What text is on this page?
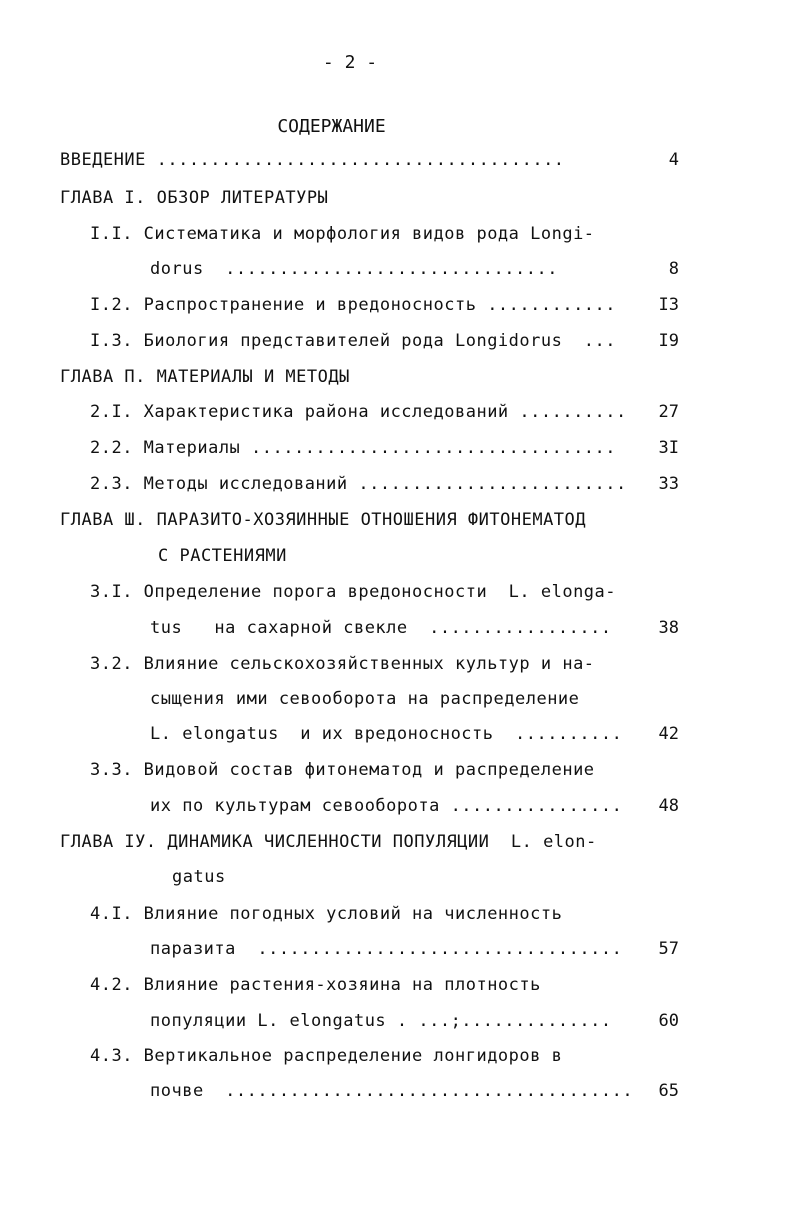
- 2 -
СОДЕРЖАНИЕ
ВВЕДЕНИЕ ......................................	4
ГЛАВА I. ОБЗОР ЛИТЕРАТУРЫ
I.I. Систематика и морфология видов рода Longi-
dorus  ...............................	8
I.2. Распространение и вредоносность ............	I3
I.3. Биология представителей рода Longidorus  ...	I9
ГЛАВА П. МАТЕРИАЛЫ И МЕТОДЫ
2.I. Характеристика района исследований .......... 27
2.2. Материалы ..................................	3I
2.3. Методы исследований ......................... 33
ГЛАВА Ш. ПАРАЗИТО-ХОЗЯИННЫЕ ОТНОШЕНИЯ ФИТОНЕМАТОД
С РАСТЕНИЯМИ
3.I. Определение порога вредоносности  L. elonga-
tus   на сахарной свекле  .................	38
3.2. Влияние сельскохозяйственных культур и на-
сыщения ими севооборота на распределение
L. elongatus  и их вредоносность  .......... 42
3.3. Видовой состав фитонематод и распределение
их по культурам севооборота ................ 48
ГЛАВА IУ. ДИНАМИКА ЧИСЛЕННОСТИ ПОПУЛЯЦИИ  L. elon-
gatus
4.I. Влияние погодных условий на численность
паразита  .................................. 57
4.2. Влияние растения-хозяина на плотность
популяции L. elongatus . ...;..............	60
4.3. Вертикальное распределение лонгидоров в
почве  ...................................... 65
